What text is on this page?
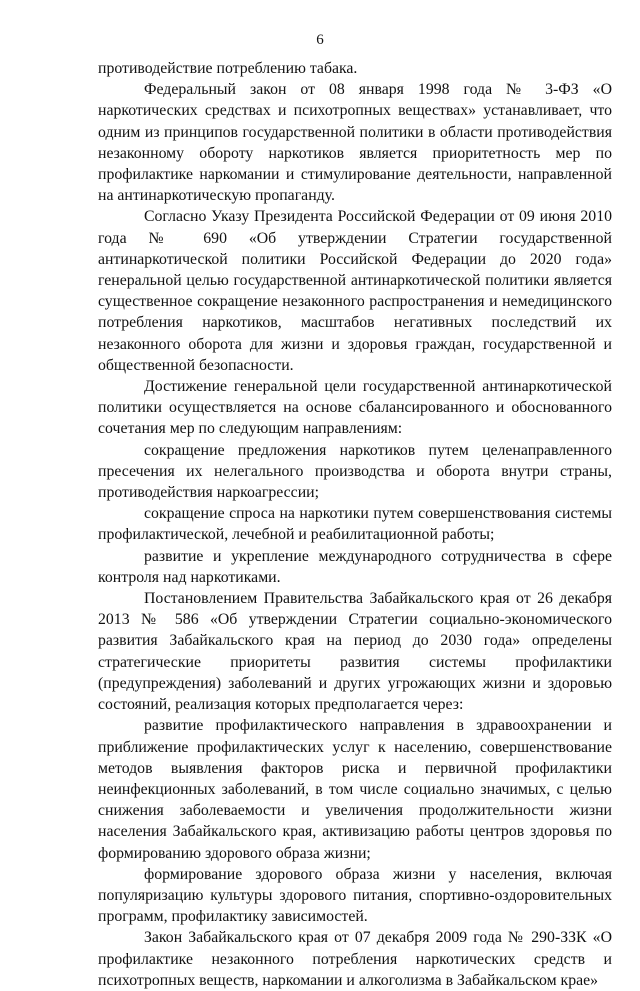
6

противодействие потреблению табака.

Федеральный закон от 08 января 1998 года № 3-ФЗ «О наркотических средствах и психотропных веществах» устанавливает, что одним из принципов государственной политики в области противодействия незаконному обороту наркотиков является приоритетность мер по профилактике наркомании и стимулирование деятельности, направленной на антинаркотическую пропаганду.

Согласно Указу Президента Российской Федерации от 09 июня 2010 года № 690 «Об утверждении Стратегии государственной антинаркотической политики Российской Федерации до 2020 года» генеральной целью государственной антинаркотической политики является существенное сокращение незаконного распространения и немедицинского потребления наркотиков, масштабов негативных последствий их незаконного оборота для жизни и здоровья граждан, государственной и общественной безопасности.

Достижение генеральной цели государственной антинаркотической политики осуществляется на основе сбалансированного и обоснованного сочетания мер по следующим направлениям:

сокращение предложения наркотиков путем целенаправленного пресечения их нелегального производства и оборота внутри страны, противодействия наркоагрессии;

сокращение спроса на наркотики путем совершенствования системы профилактической, лечебной и реабилитационной работы;

развитие и укрепление международного сотрудничества в сфере контроля над наркотиками.

Постановлением Правительства Забайкальского края от 26 декабря 2013 № 586 «Об утверждении Стратегии социально-экономического развития Забайкальского края на период до 2030 года» определены стратегические приоритеты развития системы профилактики (предупреждения) заболеваний и других угрожающих жизни и здоровью состояний, реализация которых предполагается через:

развитие профилактического направления в здравоохранении и приближение профилактических услуг к населению, совершенствование методов выявления факторов риска и первичной профилактики неинфекционных заболеваний, в том числе социально значимых, с целью снижения заболеваемости и увеличения продолжительности жизни населения Забайкальского края, активизацию работы центров здоровья по формированию здорового образа жизни;

формирование здорового образа жизни у населения, включая популяризацию культуры здорового питания, спортивно-оздоровительных программ, профилактику зависимостей.

Закон Забайкальского края от 07 декабря 2009 года № 290-ЗЗК «О профилактике незаконного потребления наркотических средств и психотропных веществ, наркомании и алкоголизма в Забайкальском крае»
